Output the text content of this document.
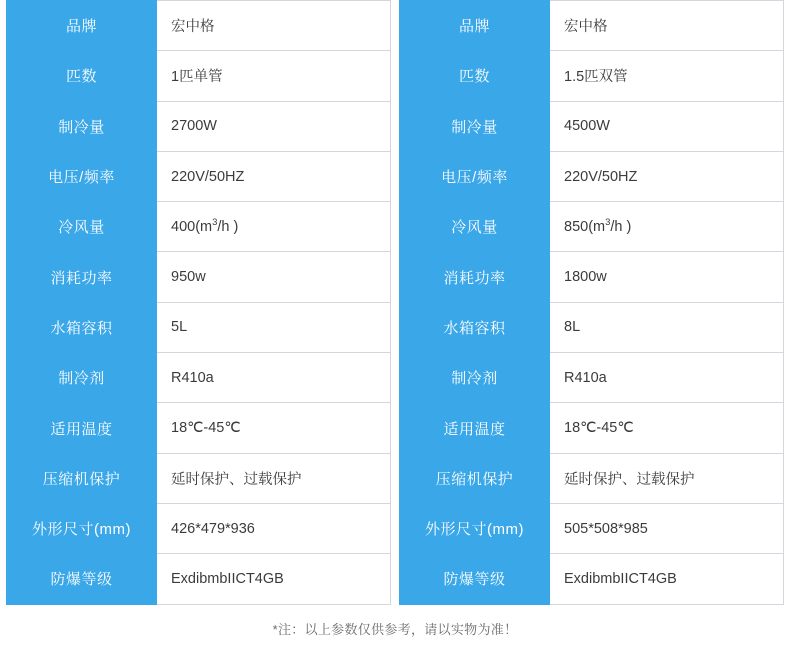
品牌	宏中格
匹数	1匹单管
制冷量	2700W
电压/频率	220V/50HZ
冷风量	$400(m^3/h$ )
消耗功率	950w
水箱容积	5L
制冷剂	R410a
适用温度	18℃-45℃
压缩机保护	延时保护、过载保护
外形尺寸(mm)	426*479*936
防爆等级	ExdibmbIICT4GB
品牌	宏中格
匹数	1.5匹双管
制冷量	4500W
电压/频率	220V/50HZ
冷风量	$850(m^3/h$ )
消耗功率	1800w
水箱容积	8L
制冷剂	R410a
适用温度	18℃-45℃
压缩机保护	延时保护、过载保护
外形尺寸(mm)	505*508*985
防爆等级	ExdibmbIICT4GB
*注：以上参数仅供参考，请以实物为准！
